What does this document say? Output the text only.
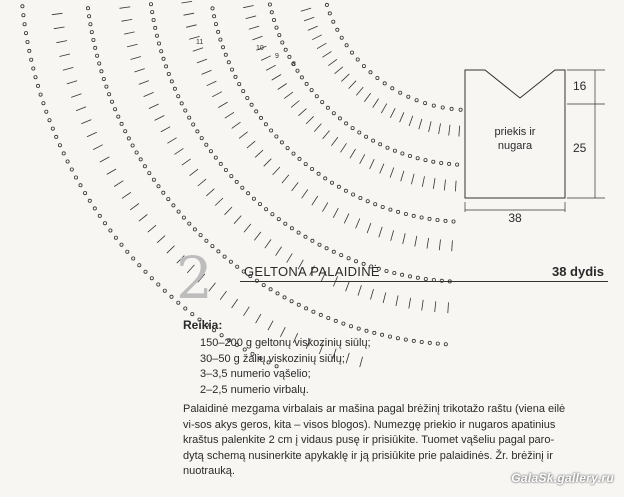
11
10
9
8
priekis ir
nugara
16
25
38
2 GELTONA PALAIDINĖ	38 dydis
Reikia:
150–200 g geltonų viskozinių siūlų;
30–50 g žalių viskozinių siūlų;
3–3,5 numerio vąšelio;
2–2,5 numerio virbalų.
Palaidinė mezgama virbalais ar mašina pagal brėžinį trikotažo raštu (viena eilė
vi-sos akys geros, kita – visos blogos). Numezgę priekio ir nugaros apatinius
kraštus palenkite 2 cm į vidaus pusę ir prisiūkite. Tuomet vąšeliu pagal paro-
dytą schemą nusinerkite apykaklę ir ją prisiūkite prie palaidinės. Žr. brėžinį ir
nuotrauką.	GalaSk.gallery.ru
